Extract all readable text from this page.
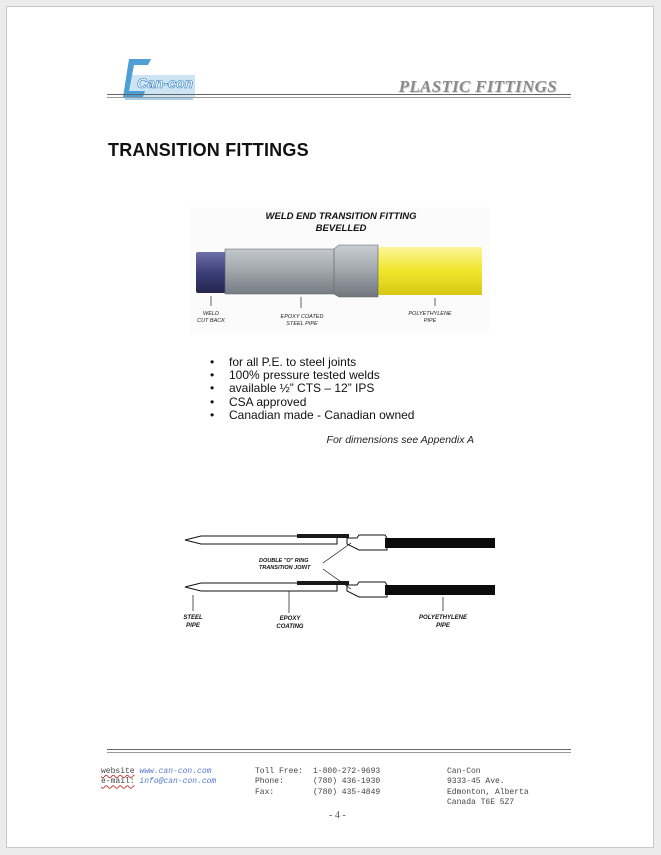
Can-con	PLASTIC FITTINGS
TRANSITION FITTINGS
WELD END TRANSITION FITTING
BEVELLED
WELD
CUT BACK
EPOXY COATED
STEEL PIPE
POLYETHYLENE
PIPE
• for all P.E. to steel joints
• 100% pressure tested welds
• available ½” CTS – 12” IPS
• CSA approved
• Canadian made - Canadian owned
For dimensions see Appendix A
DOUBLE "O" RING
TRANSITION JOINT
STEEL
PIPE
EPOXY
COATING
POLYETHYLENE
PIPE
website www.can-con.com
e-mail: info@can-con.com
Toll Free: 1-800-272-9693
Phone:	(780) 436-1930
Fax:	(780) 435-4849
Can-Con
9333-45 Ave.
Edmonton, Alberta
Canada T6E 5Z7
- 4 -
